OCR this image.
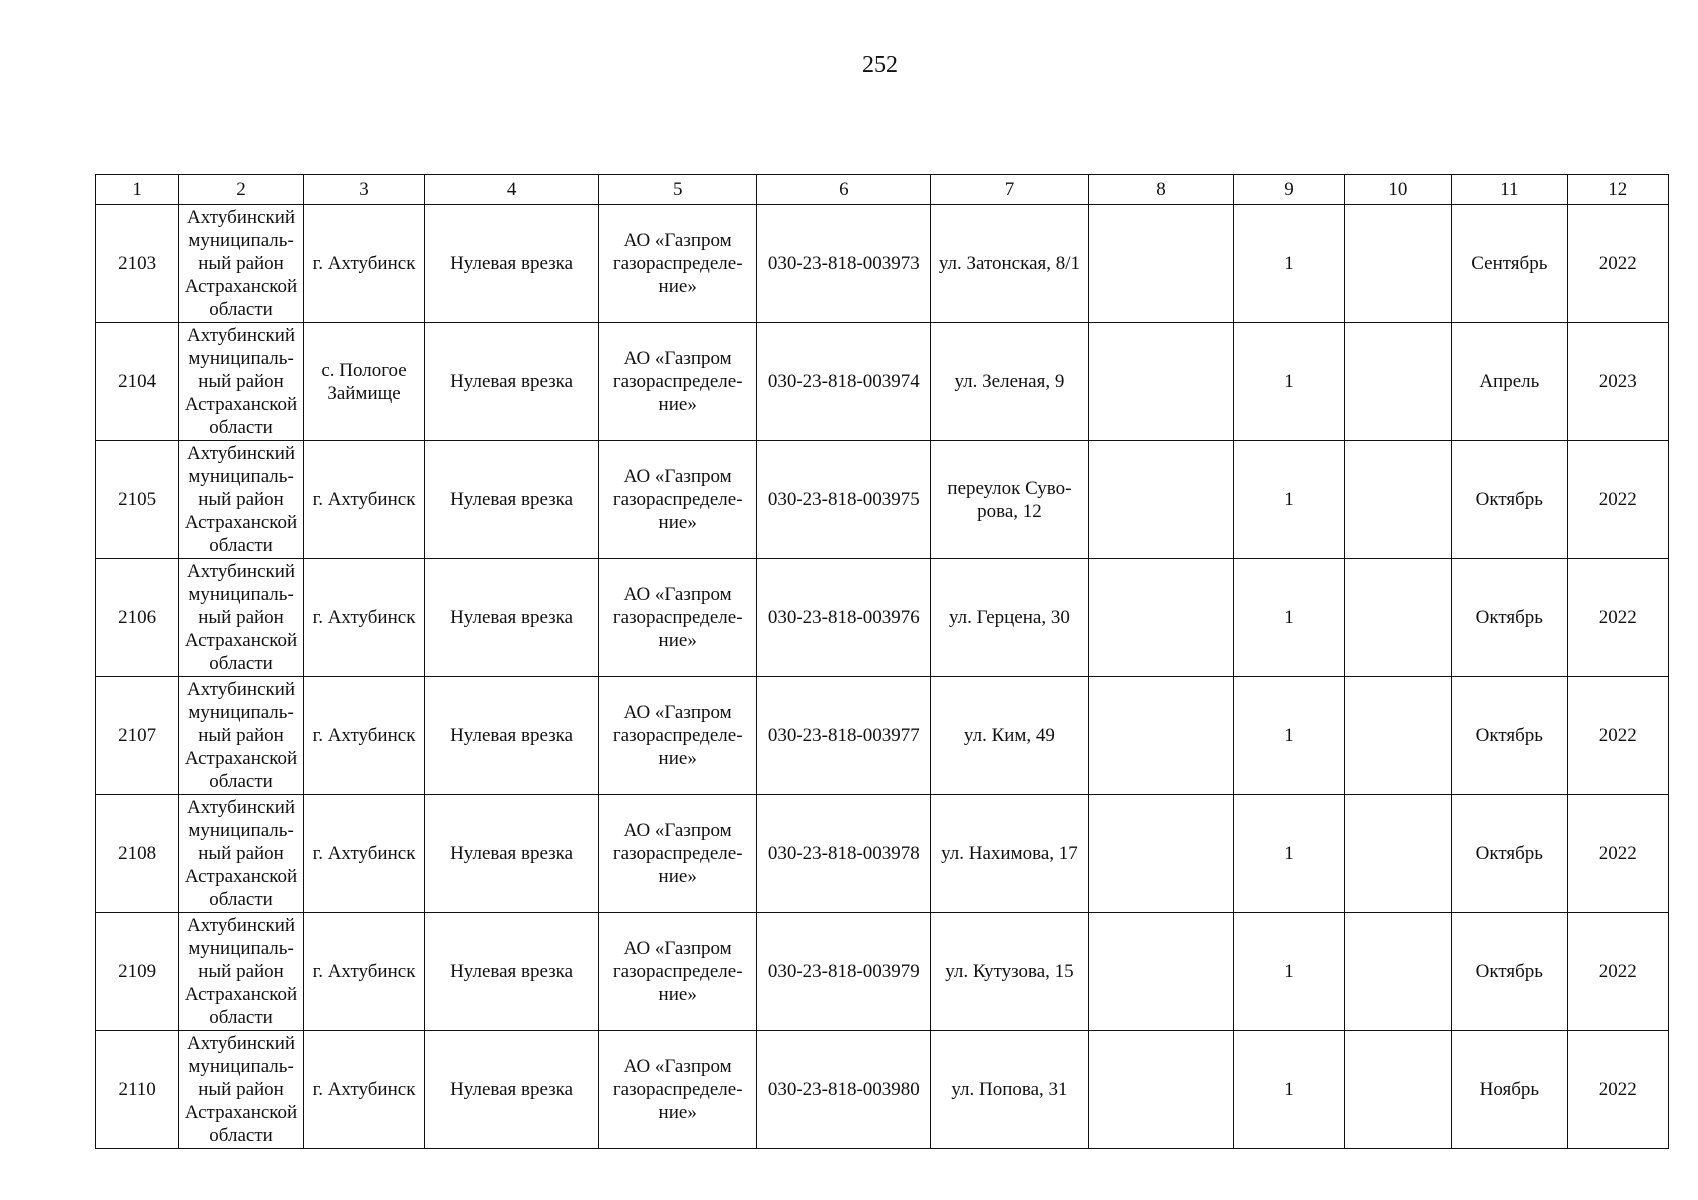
252
1	2	3	4	5	6	7	8	9	10	11	12
2103	Ахтубинский
муниципаль-
ный район
Астраханской
области	г. Ахтубинск	Нулевая врезка	АО «Газпром
газораспределе-
ние»	030-23-818-003973	ул. Затонская, 8/1		1		Сентябрь	2022
2104	Ахтубинский
муниципаль-
ный район
Астраханской
области	с. Пологое
Займище	Нулевая врезка	АО «Газпром
газораспределе-
ние»	030-23-818-003974	ул. Зеленая, 9		1		Апрель	2023
2105	Ахтубинский
муниципаль-
ный район
Астраханской
области	г. Ахтубинск	Нулевая врезка	АО «Газпром
газораспределе-
ние»	030-23-818-003975	переулок Суво-
рова, 12		1		Октябрь	2022
2106	Ахтубинский
муниципаль-
ный район
Астраханской
области	г. Ахтубинск	Нулевая врезка	АО «Газпром
газораспределе-
ние»	030-23-818-003976	ул. Герцена, 30		1		Октябрь	2022
2107	Ахтубинский
муниципаль-
ный район
Астраханской
области	г. Ахтубинск	Нулевая врезка	АО «Газпром
газораспределе-
ние»	030-23-818-003977	ул. Ким, 49		1		Октябрь	2022
2108	Ахтубинский
муниципаль-
ный район
Астраханской
области	г. Ахтубинск	Нулевая врезка	АО «Газпром
газораспределе-
ние»	030-23-818-003978	ул. Нахимова, 17		1		Октябрь	2022
2109	Ахтубинский
муниципаль-
ный район
Астраханской
области	г. Ахтубинск	Нулевая врезка	АО «Газпром
газораспределе-
ние»	030-23-818-003979	ул. Кутузова, 15		1		Октябрь	2022
2110	Ахтубинский
муниципаль-
ный район
Астраханской
области	г. Ахтубинск	Нулевая врезка	АО «Газпром
газораспределе-
ние»	030-23-818-003980	ул. Попова, 31		1		Ноябрь	2022
